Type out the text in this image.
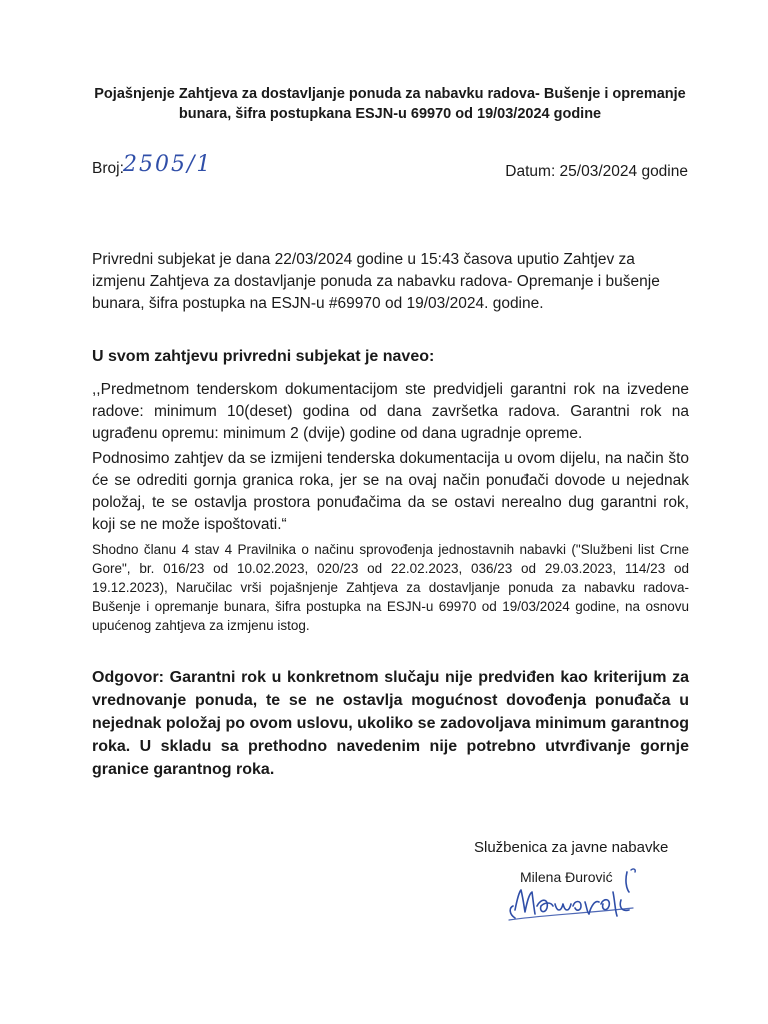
Pojašnjenje Zahtjeva za dostavljanje ponuda za nabavku radova- Bušenje i opremanje bunara, šifra postupkana ESJN-u 69970 od 19/03/2024 godine
Broj: 2505/1	Datum: 25/03/2024 godine
Privredni subjekat je dana 22/03/2024 godine u 15:43 časova uputio Zahtjev za izmjenu Zahtjeva za dostavljanje ponuda za nabavku radova- Opremanje i bušenje bunara, šifra postupka na ESJN-u #69970 od 19/03/2024. godine.
U svom zahtjevu privredni subjekat je naveo:
,,Predmetnom tenderskom dokumentacijom ste predvidjeli garantni rok na izvedene radove: minimum 10(deset) godina od dana završetka radova. Garantni rok na ugrađenu opremu: minimum 2 (dvije) godine od dana ugradnje opreme.
Podnosimo zahtjev da se izmijeni tenderska dokumentacija u ovom dijelu, na način što će se odrediti gornja granica roka, jer se na ovaj način ponuđači dovode u nejednak položaj, te se ostavlja prostora ponuđačima da se ostavi nerealno dug garantni rok, koji se ne može ispoštovati.“
Shodno članu 4 stav 4 Pravilnika o načinu sprovođenja jednostavnih nabavki ("Službeni list Crne Gore", br. 016/23 od 10.02.2023, 020/23 od 22.02.2023, 036/23 od 29.03.2023, 114/23 od 19.12.2023), Naručilac vrši pojašnjenje Zahtjeva za dostavljanje ponuda za nabavku radova-Bušenje i opremanje bunara, šifra postupka na ESJN-u 69970 od 19/03/2024 godine, na osnovu upućenog zahtjeva za izmjenu istog.
Odgovor: Garantni rok u konkretnom slučaju nije predviđen kao kriterijum za vrednovanje ponuda, te se ne ostavlja mogućnost dovođenja ponuđača u nejednak položaj po ovom uslovu, ukoliko se zadovoljava minimum garantnog roka. U skladu sa prethodno navedenim nije potrebno utvrđivanje gornje granice garantnog roka.
Službenica za javne nabavke
Milena Đurović
